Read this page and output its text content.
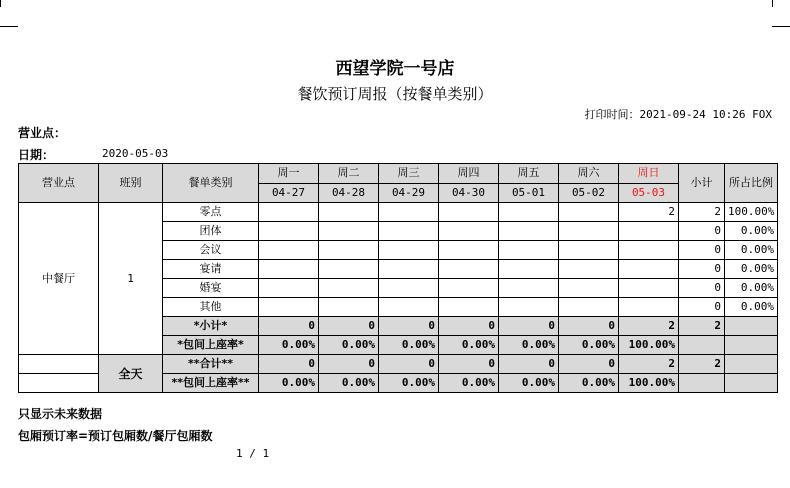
西望学院一号店
餐饮预订周报（按餐单类别）
打印时间：2021-09-24 10:26 FOX
营业点：
日期：	2020-05-03
营业点	班别	餐单类别	周一	周二	周三	周四	周五	周六	周日	小计	所占比例
			04-27	04-28	04-29	04-30	05-01	05-02	05-03		
中餐厅	1	零点							2	2	100.00%
		团体								0	0.00%
		会议								0	0.00%
		宴请								0	0.00%
		婚宴								0	0.00%
		其他								0	0.00%
		*小计*	0	0	0	0	0	0	2	2	
		*包间上座率*	0.00%	0.00%	0.00%	0.00%	0.00%	0.00%	100.00%		
	全天	**合计**	0	0	0	0	0	0	2	2	
		**包间上座率**	0.00%	0.00%	0.00%	0.00%	0.00%	0.00%	100.00%		
只显示未来数据
包厢预订率=预订包厢数/餐厅包厢数
1 / 1
